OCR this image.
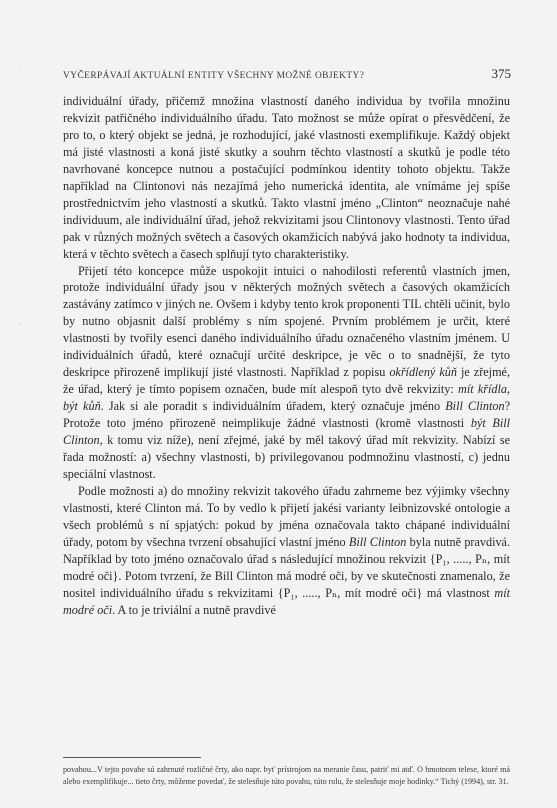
VYČERPÁVAJÍ AKTUÁLNÍ ENTITY VŠECHNY MOŽNÉ OBJEKTY?	375

individuální úřady, přičemž množina vlastností daného individua by tvořila množinu rekvizit patřičného individuálního úřadu. Tato možnost se může opírat o přesvědčení, že pro to, o který objekt se jedná, je rozhodující, jaké vlastnosti exemplifikuje. Každý objekt má jisté vlastnosti a koná jisté skutky a souhrn těchto vlastností a skutků je podle této navrhované koncepce nutnou a postačující podmínkou identity tohoto objektu. Takže například na Clintonovi nás nezajímá jeho numerická identita, ale vnímáme jej spíše prostřednictvím jeho vlastností a skutků. Takto vlastní jméno „Clinton“ neoznačuje nahé individuum, ale individuální úřad, jehož rekvizitami jsou Clintonovy vlastnosti. Tento úřad pak v různých možných světech a časových okamžicích nabývá jako hodnoty ta individua, která v těchto světech a časech splňují tyto charakteristiky.

Přijetí této koncepce může uspokojit intuici o nahodilosti referentů vlastních jmen, protože individuální úřady jsou v některých možných světech a časových okamžicích zastávány zatímco v jiných ne. Ovšem i kdyby tento krok proponenti TIL chtěli učinit, bylo by nutno objasnit další problémy s ním spojené. Prvním problémem je určit, které vlastnosti by tvořily esenci daného individuálního úřadu označeného vlastním jménem. U individuálních úřadů, které označují určité deskripce, je věc o to snadnější, že tyto deskripce přirozeně implikují jisté vlastnosti. Například z popisu okřídlený kůň je zřejmé, že úřad, který je tímto popisem označen, bude mít alespoň tyto dvě rekvizity: mít křídla, být kůň. Jak si ale poradit s individuálním úřadem, který označuje jméno Bill Clinton? Protože toto jméno přirozeně neimplikuje žádné vlastnosti (kromě vlastnosti být Bill Clinton, k tomu viz níže), není zřejmé, jaké by měl takový úřad mít rekvizity. Nabízí se řada možností: a) všechny vlastnosti, b) privilegovanou podmnožinu vlastností, c) jednu speciální vlastnost.

Podle možnosti a) do množiny rekvizit takového úřadu zahrneme bez výjimky všechny vlastnosti, které Clinton má. To by vedlo k přijetí jakési varianty leibnizovské ontologie a všech problémů s ní spjatých: pokud by jména označovala takto chápané individuální úřady, potom by všechna tvrzení obsahující vlastní jméno Bill Clinton byla nutně pravdivá. Například by toto jméno označovalo úřad s následující množinou rekvizit {P₁, ....., Pₙ, mít modré oči}. Potom tvrzení, že Bill Clinton má modré oči, by ve skutečnosti znamenalo, že nositel individuálního úřadu s rekvizitami {P₁, ....., Pₙ, mít modré oči} má vlastnost mít modré oči. A to je triviální a nutně pravdivé

povahou...V tejto povahe sú zahrnuté rozličné črty, ako napr. byť prístrojom na meranie času, patriť mi atď. O hmotnom telese, ktoré má alebo exemplifikuje... tieto črty, môžeme povedať, že stelesňuje túto povahu, túto rolu, že stelesňuje moje hodinky.“ Tichý (1994), str. 31.

·
·
